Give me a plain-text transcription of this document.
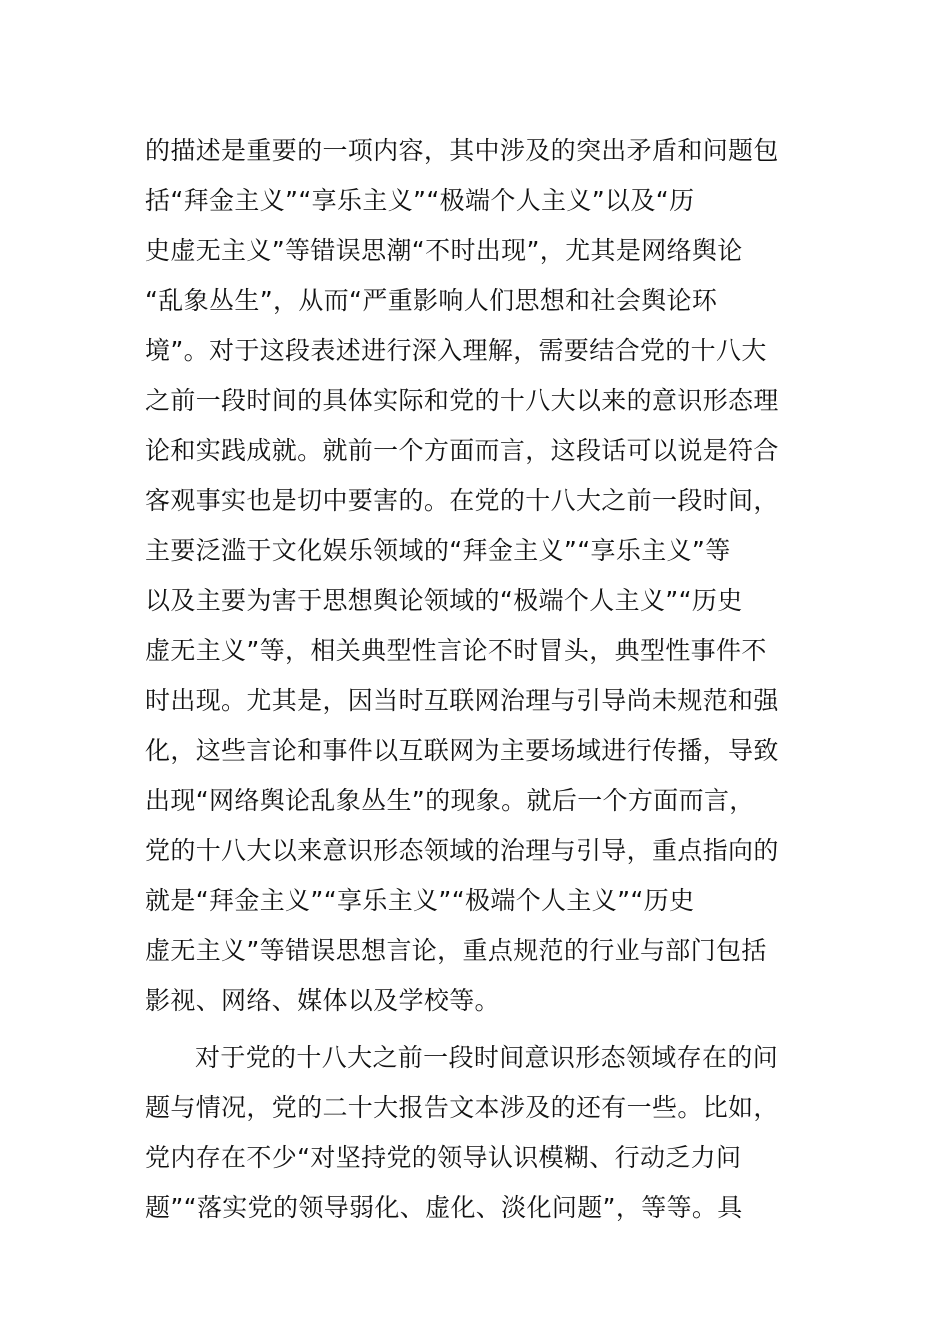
的描述是重要的一项内容，其中涉及的突出矛盾和问题包
括“拜金主义”“享乐主义”“极端个人主义”以及“历
史虚无主义”等错误思潮“不时出现”，尤其是网络舆论
“乱象丛生”，从而“严重影响人们思想和社会舆论环
境”。对于这段表述进行深入理解，需要结合党的十八大
之前一段时间的具体实际和党的十八大以来的意识形态理
论和实践成就。就前一个方面而言，这段话可以说是符合
客观事实也是切中要害的。在党的十八大之前一段时间，
主要泛滥于文化娱乐领域的“拜金主义”“享乐主义”等
以及主要为害于思想舆论领域的“极端个人主义”“历史
虚无主义”等，相关典型性言论不时冒头，典型性事件不
时出现。尤其是，因当时互联网治理与引导尚未规范和强
化，这些言论和事件以互联网为主要场域进行传播，导致
出现“网络舆论乱象丛生”的现象。就后一个方面而言，
党的十八大以来意识形态领域的治理与引导，重点指向的
就是“拜金主义”“享乐主义”“极端个人主义”“历史
虚无主义”等错误思想言论，重点规范的行业与部门包括
影视、网络、媒体以及学校等。
对于党的十八大之前一段时间意识形态领域存在的问
题与情况，党的二十大报告文本涉及的还有一些。比如，
党内存在不少“对坚持党的领导认识模糊、行动乏力问
题”“落实党的领导弱化、虚化、淡化问题”，等等。具
